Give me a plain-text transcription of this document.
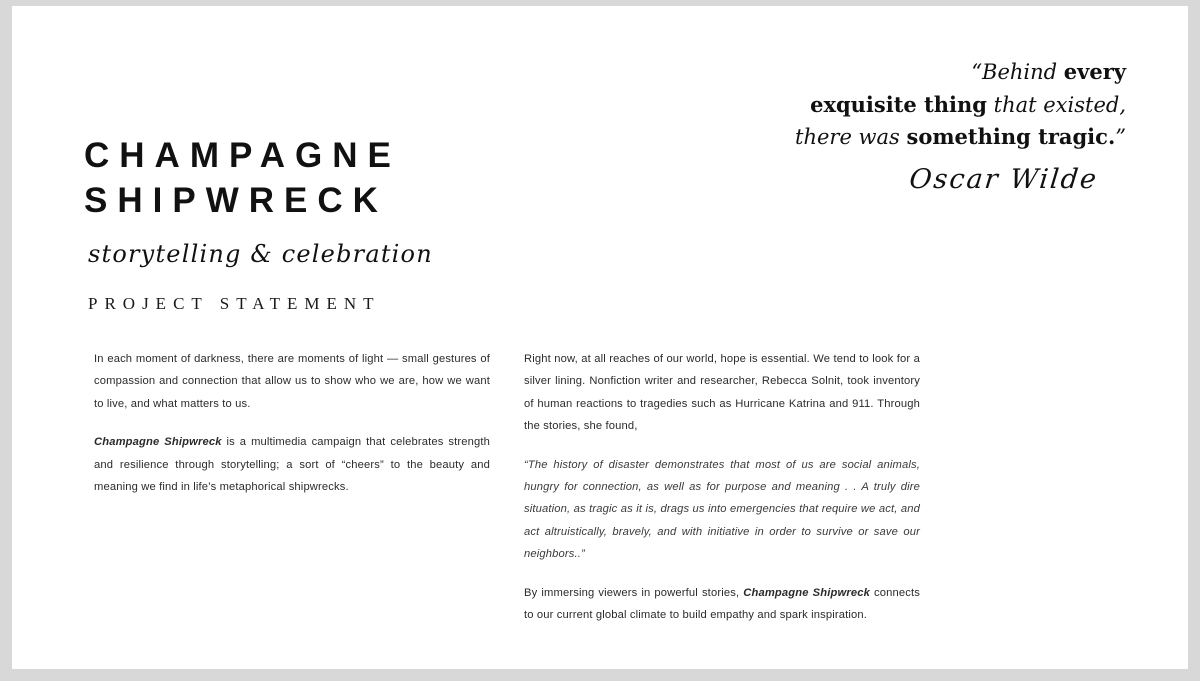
CHAMPAGNE
SHIPWRECK
storytelling & celebration
PROJECT STATEMENT
“Behind every
exquisite thing that existed,
there was something tragic.”
Oscar Wilde

In each moment of darkness, there are moments of light — small gestures of compassion and connection that allow us to show who we are, how we want to live, and what matters to us.

Champagne Shipwreck is a multimedia campaign that celebrates strength and resilience through storytelling; a sort of “cheers” to the beauty and meaning we find in life’s metaphorical shipwrecks.

Right now, at all reaches of our world, hope is essential. We tend to look for a silver lining. Nonfiction writer and researcher, Rebecca Solnit, took inventory of human reactions to tragedies such as Hurricane Katrina and 911. Through the stories, she found,

“The history of disaster demonstrates that most of us are social animals, hungry for connection, as well as for purpose and meaning . . A truly dire situation, as tragic as it is, drags us into emergencies that require we act, and act altruistically, bravely, and with initiative in order to survive or save our neighbors..”

By immersing viewers in powerful stories, Champagne Shipwreck connects to our current global climate to build empathy and spark inspiration.
